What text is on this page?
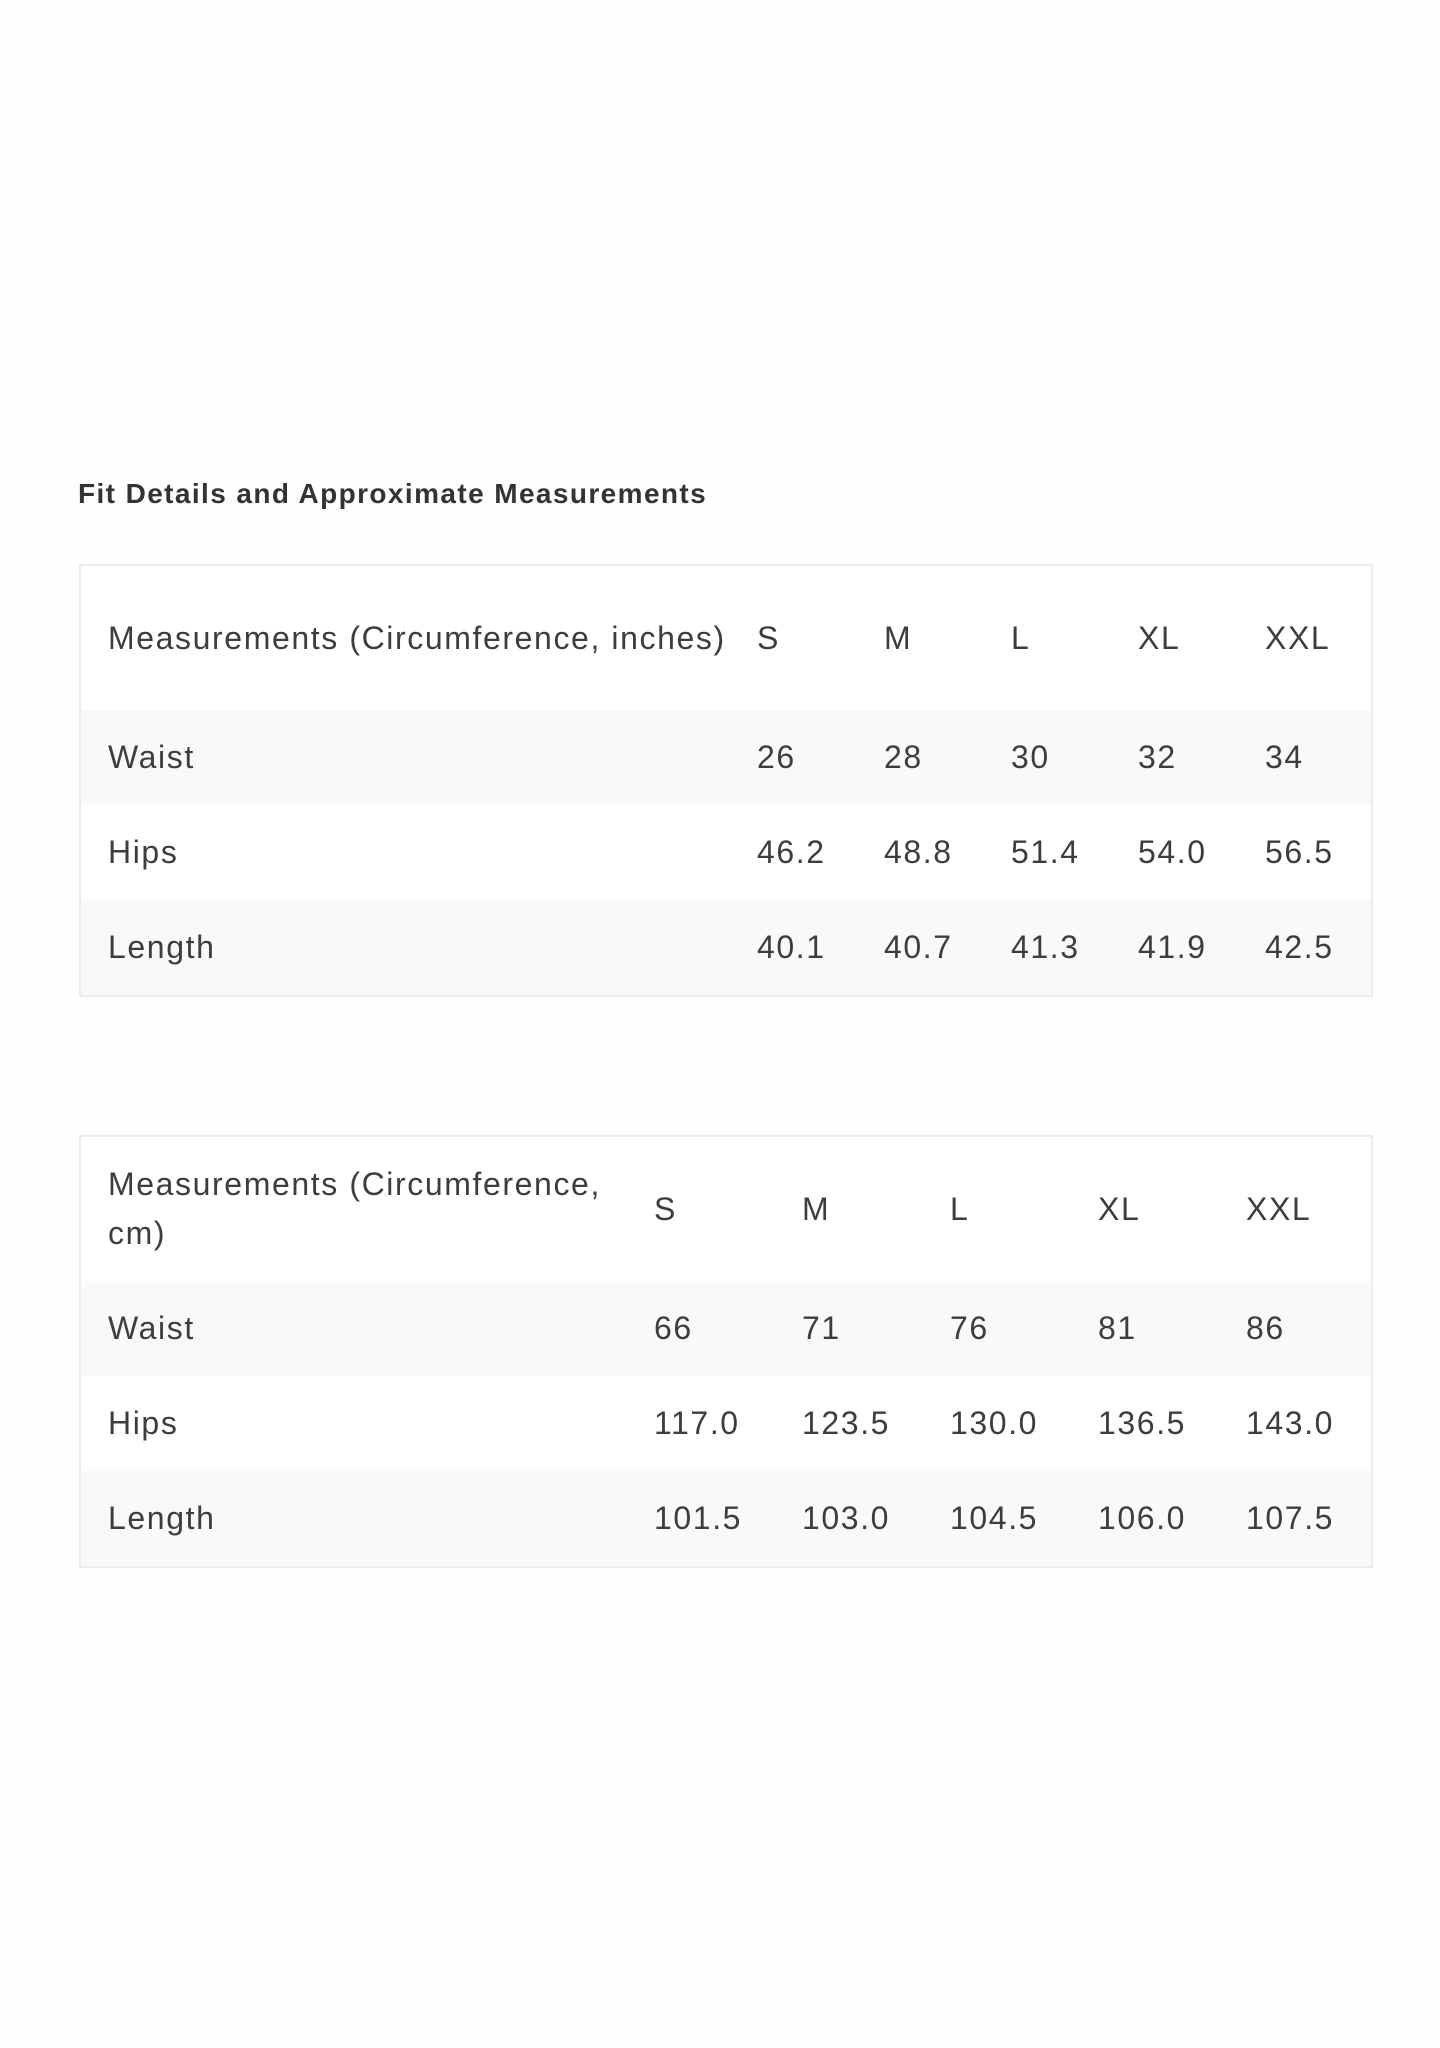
Fit Details and Approximate Measurements
Measurements (Circumference, inches)	S	M	L	XL	XXL
Waist	26	28	30	32	34
Hips	46.2	48.8	51.4	54.0	56.5
Length	40.1	40.7	41.3	41.9	42.5
Measurements (Circumference, cm)	S	M	L	XL	XXL
Waist	66	71	76	81	86
Hips	117.0	123.5	130.0	136.5	143.0
Length	101.5	103.0	104.5	106.0	107.5
